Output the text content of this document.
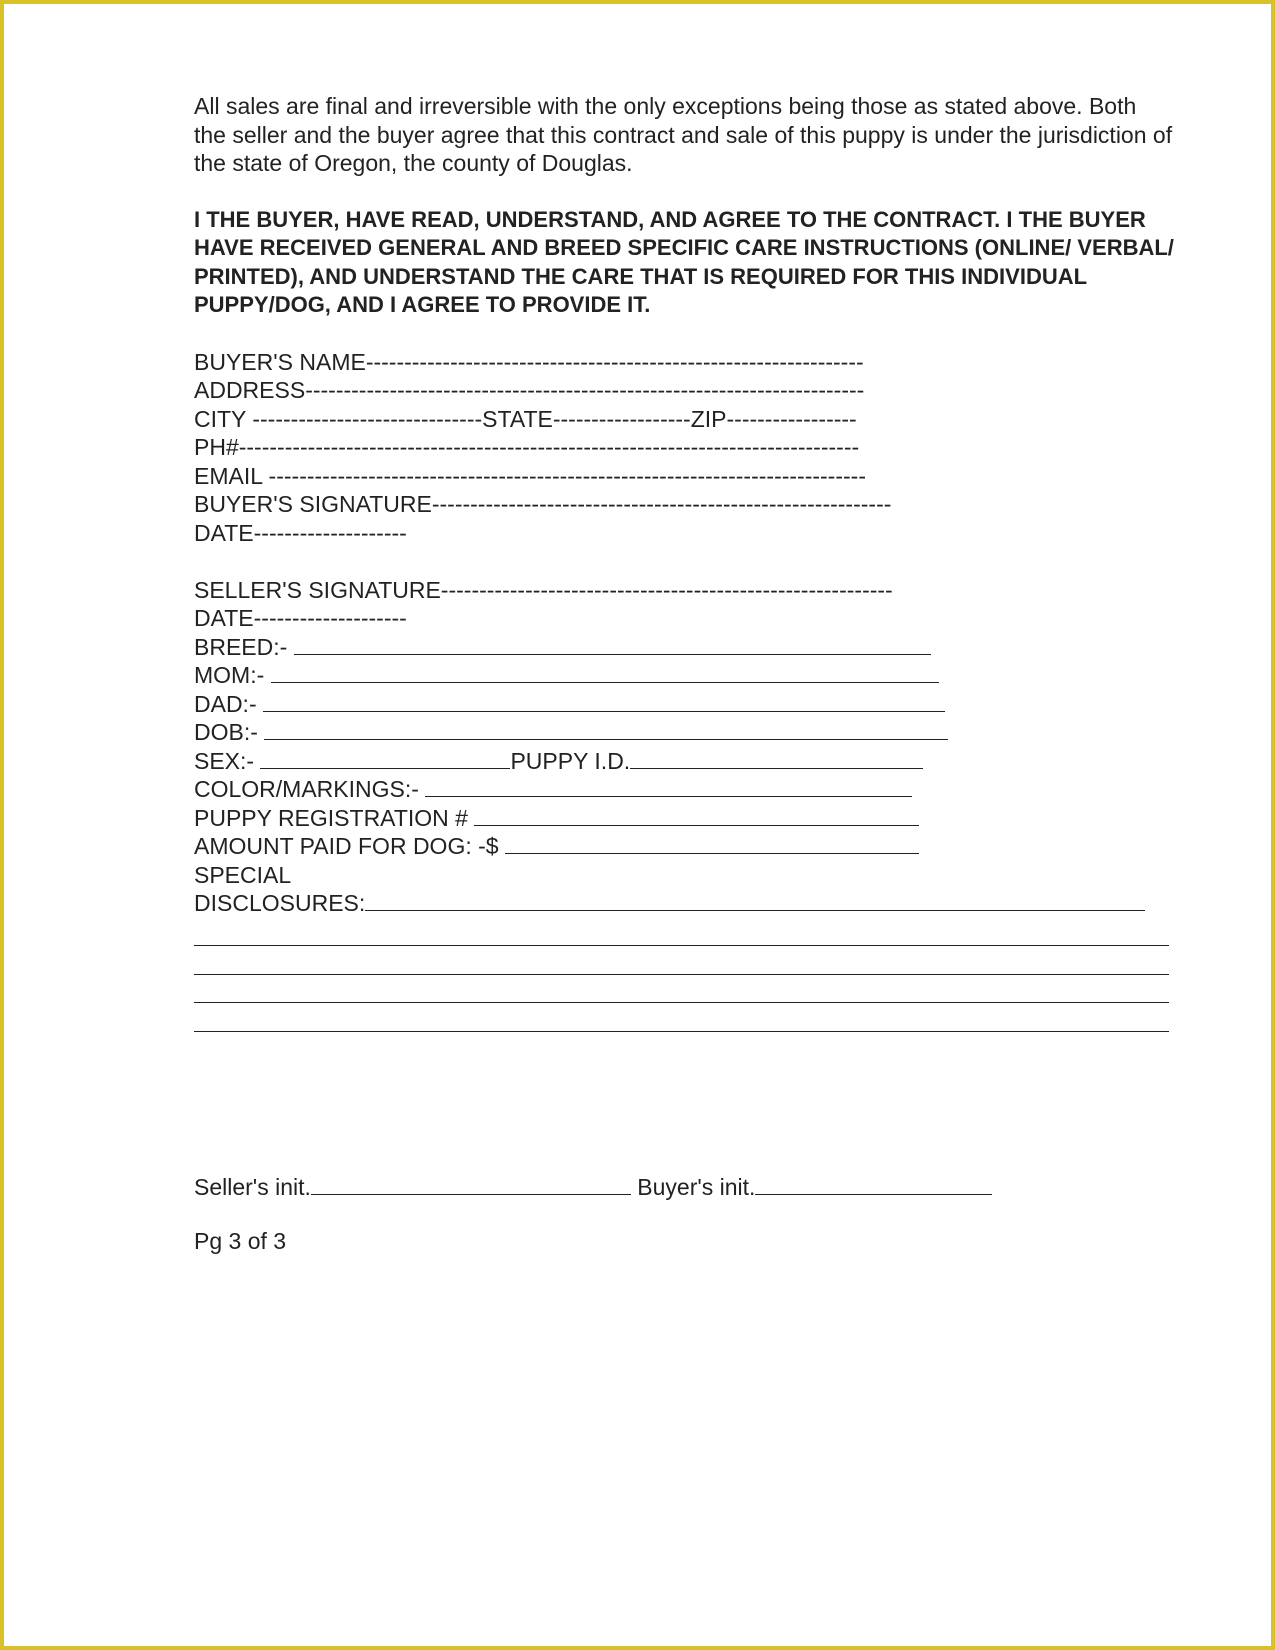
All sales are final and irreversible with the only exceptions being those as stated above. Both the seller and the buyer agree that this contract and sale of this puppy is under the jurisdiction of the state of Oregon, the county of Douglas.

I THE BUYER, HAVE READ, UNDERSTAND, AND AGREE TO THE CONTRACT. I THE BUYER HAVE RECEIVED GENERAL AND BREED SPECIFIC CARE INSTRUCTIONS (ONLINE/ VERBAL/ PRINTED), AND UNDERSTAND THE CARE THAT IS REQUIRED FOR THIS INDIVIDUAL PUPPY/DOG, AND I AGREE TO PROVIDE IT.

BUYER'S NAME-----------------------------------------------------------------
ADDRESS-------------------------------------------------------------------------
CITY ------------------------------STATE------------------ZIP-----------------
PH#---------------------------------------------------------------------------------
EMAIL ------------------------------------------------------------------------------
BUYER'S SIGNATURE------------------------------------------------------------
DATE--------------------
SELLER'S SIGNATURE-----------------------------------------------------------
DATE--------------------
BREED:-
MOM:-
DAD:-
DOB:-
SEX:-	PUPPY I.D.
COLOR/MARKINGS:-
PUPPY REGISTRATION #
AMOUNT PAID FOR DOG: -$
SPECIAL
DISCLOSURES:
Seller's init.	Buyer's init.
Pg 3 of 3
